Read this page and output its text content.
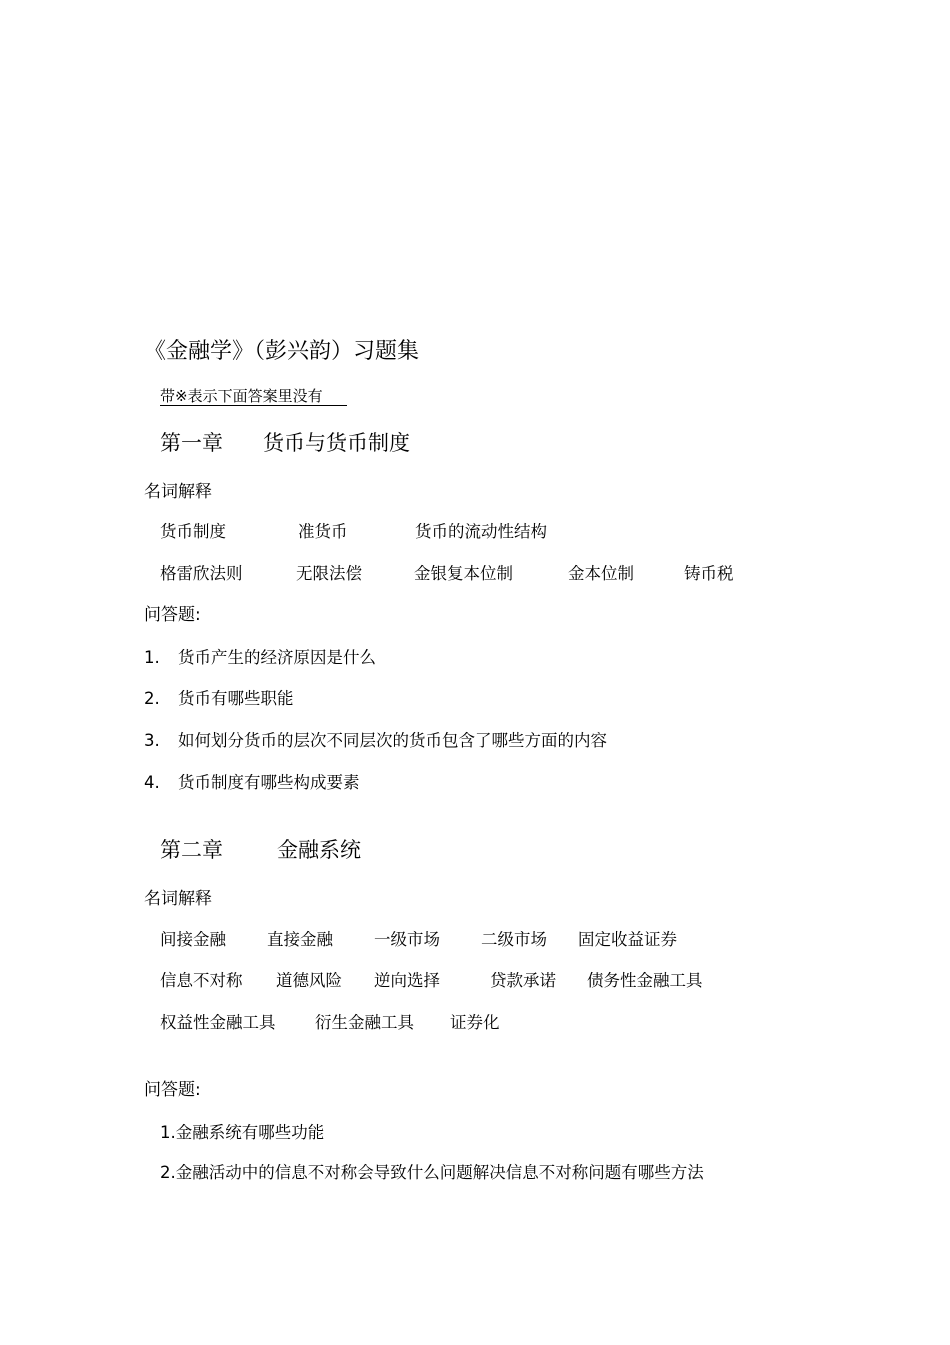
《金融学》（彭兴韵）习题集
带※表示下面答案里没有
第一章 货币与货币制度
名词解释
货币制度	准货币	货币的流动性结构
格雷欣法则	无限法偿	金银复本位制	金本位制	铸币税
问答题:
1. 货币产生的经济原因是什么
2. 货币有哪些职能
3. 如何划分货币的层次不同层次的货币包含了哪些方面的内容
4. 货币制度有哪些构成要素
第二章	金融系统
名词解释
间接金融 直接金融 一级市场 二级市场 固定收益证券
信息不对称 道德风险 逆向选择	贷款承诺 债务性金融工具
权益性金融工具 衍生金融工具 证券化
问答题:
1.金融系统有哪些功能
2.金融活动中的信息不对称会导致什么问题解决信息不对称问题有哪些方法
